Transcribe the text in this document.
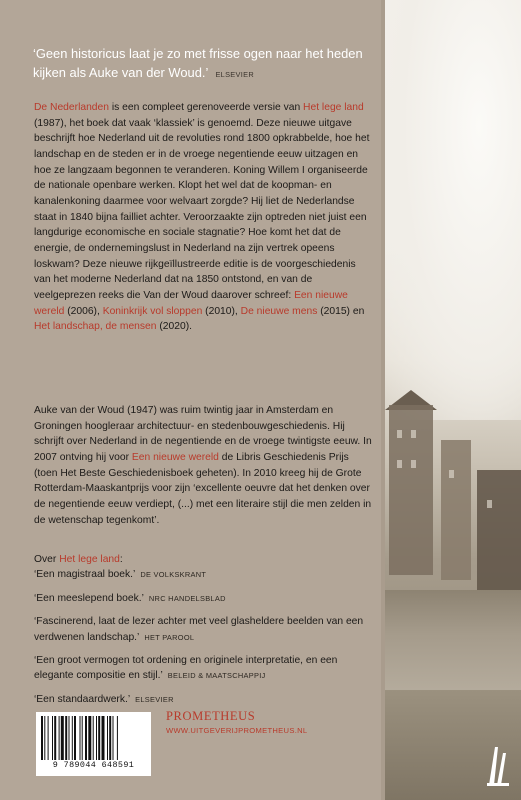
‘Geen historicus laat je zo met frisse ogen naar het heden kijken als Auke van der Woud.’ ELSEVIER
De Nederlanden is een compleet gerenoveerde versie van Het lege land (1987), het boek dat vaak ‘klassiek’ is genoemd. Deze nieuwe uitgave beschrijft hoe Nederland uit de revoluties rond 1800 opkrabbelde, hoe het landschap en de steden er in de vroege negentiende eeuw uitzagen en hoe ze langzaam begonnen te veranderen. Koning Willem I organiseerde de nationale openbare werken. Klopt het wel dat de koopman- en kanalenkoning daarmee voor welvaart zorgde? Hij liet de Nederlandse staat in 1840 bijna failliet achter. Veroorzaakte zijn optreden niet juist een langdurige economische en sociale stagnatie? Hoe komt het dat de energie, de ondernemingslust in Nederland na zijn vertrek opeens loskwam? Deze nieuwe rijkgeïllustreerde editie is de voorgeschiedenis van het moderne Nederland dat na 1850 ontstond, en van de veelgeprezen reeks die Van der Woud daarover schreef: Een nieuwe wereld (2006), Koninkrijk vol sloppen (2010), De nieuwe mens (2015) en Het landschap, de mensen (2020).
Auke van der Woud (1947) was ruim twintig jaar in Amsterdam en Groningen hoogleraar architectuur- en stedenbouwgeschiedenis. Hij schrijft over Nederland in de negentiende en de vroege twintigste eeuw. In 2007 ontving hij voor Een nieuwe wereld de Libris Geschiedenis Prijs (toen Het Beste Geschiedenisboek geheten). In 2010 kreeg hij de Grote Rotterdam-Maaskantprijs voor zijn ‘excellente oeuvre dat het denken over de negentiende eeuw verdiept, (...) met een literaire stijl die men zelden in de wetenschap tegenkomt’.
Over Het lege land:
‘Een magistraal boek.’ DE VOLKSKRANT
‘Een meeslepend boek.’ NRC HANDELSBLAD
‘Fascinerend, laat de lezer achter met veel glasheldere beelden van een verdwenen landschap.’ HET PAROOL
‘Een groot vermogen tot ordening en originele interpretatie, en een elegante compositie en stijl.’ BELEID & MAATSCHAPPIJ
‘Een standaardwerk.’ ELSEVIER
9 789044 648591
PROMETHEUS
WWW.UITGEVERIJPROMETHEUS.NL
